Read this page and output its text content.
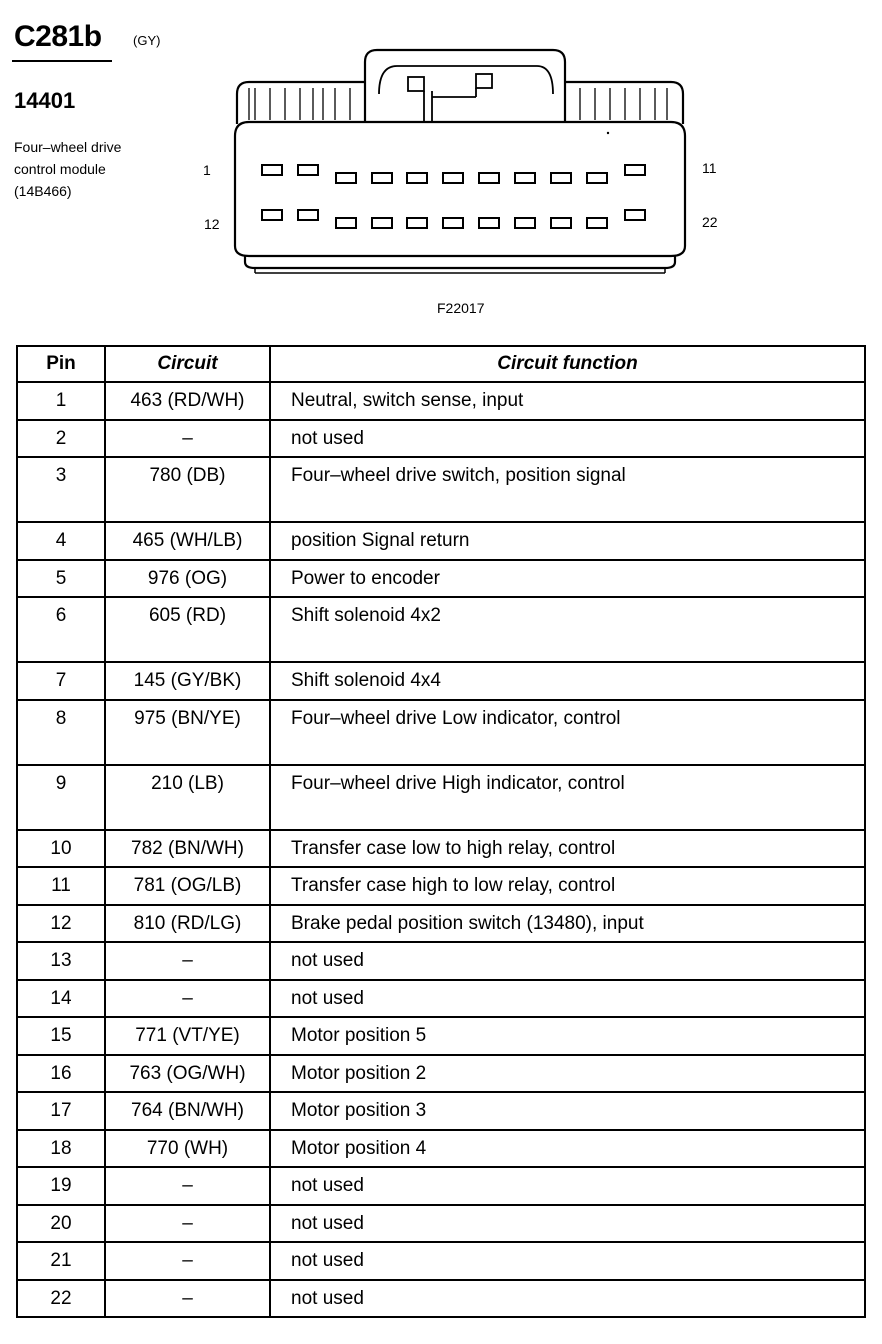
C281b (GY)
14401
Four–wheel drive
control module
(14B466)
1
12
11
22
F22017
Pin	Circuit	Circuit function
1	463 (RD/WH)	Neutral, switch sense, input
2	–	not used
3	780 (DB)	Four–wheel drive switch, position signal
4	465 (WH/LB)	position Signal return
5	976 (OG)	Power to encoder
6	605 (RD)	Shift solenoid 4x2
7	145 (GY/BK)	Shift solenoid 4x4
8	975 (BN/YE)	Four–wheel drive Low indicator, control
9	210 (LB)	Four–wheel drive High indicator, control
10	782 (BN/WH)	Transfer case low to high relay, control
11	781 (OG/LB)	Transfer case high to low relay, control
12	810 (RD/LG)	Brake pedal position switch (13480), input
13	–	not used
14	–	not used
15	771 (VT/YE)	Motor position 5
16	763 (OG/WH)	Motor position 2
17	764 (BN/WH)	Motor position 3
18	770 (WH)	Motor position 4
19	–	not used
20	–	not used
21	–	not used
22	–	not used
